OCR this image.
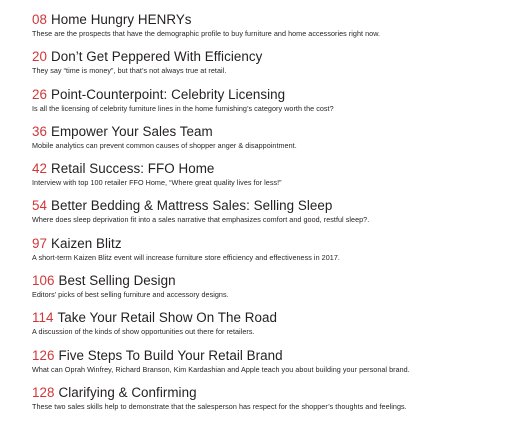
08 Home Hungry HENRYs
These are the prospects that have the demographic profile to buy furniture and home accessories right now.
20 Don’t Get Peppered With Efficiency
They say “time is money”, but that’s not always true at retail.
26 Point-Counterpoint: Celebrity Licensing
Is all the licensing of celebrity furniture lines in the home furnishing’s category worth the cost?
36 Empower Your Sales Team
Mobile analytics can prevent common causes of shopper anger & disappointment.
42 Retail Success: FFO Home
Interview with top 100 retailer FFO Home, “Where great quality lives for less!”
54 Better Bedding & Mattress Sales: Selling Sleep
Where does sleep deprivation fit into a sales narrative that emphasizes comfort and good, restful sleep?.
97 Kaizen Blitz
A short-term Kaizen Blitz event will increase furniture store efficiency and effectiveness in 2017.
106 Best Selling Design
Editors’ picks of best selling furniture and accessory designs.
114 Take Your Retail Show On The Road
A discussion of the kinds of show opportunities out there for retailers.
126 Five Steps To Build Your Retail Brand
What can Oprah Winfrey, Richard Branson, Kim Kardashian and Apple teach you about building your personal brand.
128 Clarifying & Confirming
These two sales skills help to demonstrate that the salesperson has respect for the shopper’s thoughts and feelings.
